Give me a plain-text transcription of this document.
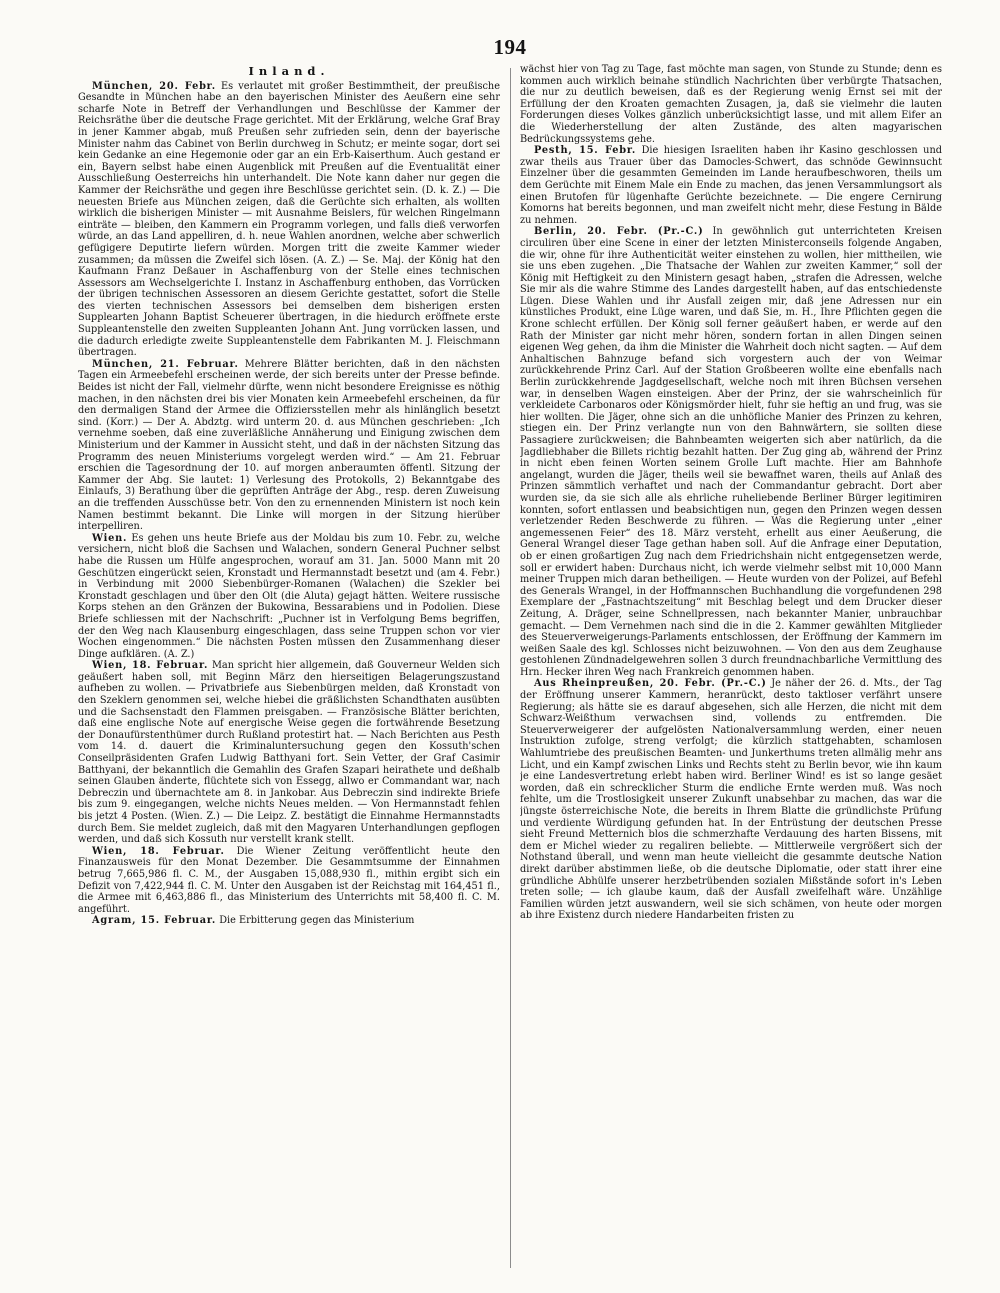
194
Inland.

München, 20. Febr. Es verlautet mit großer Bestimmtheit, der preußische Gesandte in München habe an den bayerischen Minister des Aeußern eine sehr scharfe Note in Betreff der Verhandlungen und Beschlüsse der Kammer der Reichsräthe über die deutsche Frage gerichtet. Mit der Erklärung, welche Graf Bray in jener Kammer abgab, muß Preußen sehr zufrieden sein, denn der bayerische Minister nahm das Cabinet von Berlin durchweg in Schutz; er meinte sogar, dort sei kein Gedanke an eine Hegemonie oder gar an ein Erb-Kaiserthum. Auch gestand er ein, Bayern selbst habe einen Augenblick mit Preußen auf die Eventualität einer Ausschließung Oesterreichs hin unterhandelt. Die Note kann daher nur gegen die Kammer der Reichsräthe und gegen ihre Beschlüsse gerichtet sein. (D. k. Z.) — Die neuesten Briefe aus München zeigen, daß die Gerüchte sich erhalten, als wollten wirklich die bisherigen Minister — mit Ausnahme Beislers, für welchen Ringelmann einträte — bleiben, den Kammern ein Programm vorlegen, und falls dieß verworfen würde, an das Land appelliren, d. h. neue Wahlen anordnen, welche aber schwerlich gefügigere Deputirte liefern würden. Morgen tritt die zweite Kammer wieder zusammen; da müssen die Zweifel sich lösen. (A. Z.) — Se. Maj. der König hat den Kaufmann Franz Deßauer in Aschaffenburg von der Stelle eines technischen Assessors am Wechselgerichte I. Instanz in Aschaffenburg enthoben, das Vorrücken der übrigen technischen Assessoren an diesem Gerichte gestattet, sofort die Stelle des vierten technischen Assessors bei demselben dem bisherigen ersten Supplearten Johann Baptist Scheuerer übertragen, in die hiedurch eröffnete erste Suppleantenstelle den zweiten Suppleanten Johann Ant. Jung vorrücken lassen, und die dadurch erledigte zweite Suppleantenstelle dem Fabrikanten M. J. Fleischmann übertragen.

München, 21. Februar. Mehrere Blätter berichten, daß in den nächsten Tagen ein Armeebefehl erscheinen werde, der sich bereits unter der Presse befinde. Beides ist nicht der Fall, vielmehr dürfte, wenn nicht besondere Ereignisse es nöthig machen, in den nächsten drei bis vier Monaten kein Armeebefehl erscheinen, da für den dermaligen Stand der Armee die Offiziersstellen mehr als hinlänglich besetzt sind. (Korr.) — Der A. Abdztg. wird unterm 20. d. aus München geschrieben: „Ich vernehme soeben, daß eine zuverläßliche Annäherung und Einigung zwischen dem Ministerium und der Kammer in Aussicht steht, und daß in der nächsten Sitzung das Programm des neuen Ministeriums vorgelegt werden wird.“ — Am 21. Februar erschien die Tagesordnung der 10. auf morgen anberaumten öffentl. Sitzung der Kammer der Abg. Sie lautet: 1) Verlesung des Protokolls, 2) Bekanntgabe des Einlaufs, 3) Berathung über die geprüften Anträge der Abg., resp. deren Zuweisung an die treffenden Ausschüsse betr. Von den zu ernennenden Ministern ist noch kein Namen bestimmt bekannt. Die Linke will morgen in der Sitzung hierüber interpelliren.

Wien. Es gehen uns heute Briefe aus der Moldau bis zum 10. Febr. zu, welche versichern, nicht bloß die Sachsen und Walachen, sondern General Puchner selbst habe die Russen um Hülfe angesprochen, worauf am 31. Jan. 5000 Mann mit 20 Geschützen eingerückt seien, Kronstadt und Hermannstadt besetzt und (am 4. Febr.) in Verbindung mit 2000 Siebenbürger-Romanen (Walachen) die Szekler bei Kronstadt geschlagen und über den Olt (die Aluta) gejagt hätten. Weitere russische Korps stehen an den Gränzen der Bukowina, Bessarabiens und in Podolien. Diese Briefe schliessen mit der Nachschrift: „Puchner ist in Verfolgung Bems begriffen, der den Weg nach Klausenburg eingeschlagen, dass seine Truppen schon vor vier Wochen eingenommen.“ Die nächsten Posten müssen den Zusammenhang dieser Dinge aufklären. (A. Z.)

Wien, 18. Februar. Man spricht hier allgemein, daß Gouverneur Welden sich geäußert haben soll, mit Beginn März den hierseitigen Belagerungszustand aufheben zu wollen. — Privatbriefe aus Siebenbürgen melden, daß Kronstadt von den Szeklern genommen sei, welche hiebei die gräßlichsten Schandthaten ausübten und die Sachsenstadt den Flammen preisgaben. — Französische Blätter berichten, daß eine englische Note auf energische Weise gegen die fortwährende Besetzung der Donaufürstenthümer durch Rußland protestirt hat. — Nach Berichten aus Pesth vom 14. d. dauert die Kriminaluntersuchung gegen den Kossuth'schen Conseilpräsidenten Grafen Ludwig Batthyani fort. Sein Vetter, der Graf Casimir Batthyani, der bekanntlich die Gemahlin des Grafen Szapari heirathete und deßhalb seinen Glauben änderte, flüchtete sich von Essegg, allwo er Commandant war, nach Debreczin und übernachtete am 8. in Jankobar. Aus Debreczin sind indirekte Briefe bis zum 9. eingegangen, welche nichts Neues melden. — Von Hermannstadt fehlen bis jetzt 4 Posten. (Wien. Z.) — Die Leipz. Z. bestätigt die Einnahme Hermannstadts durch Bem. Sie meldet zugleich, daß mit den Magyaren Unterhandlungen gepflogen werden, und daß sich Kossuth nur verstellt krank stellt.

Wien, 18. Februar. Die Wiener Zeitung veröffentlicht heute den Finanzausweis für den Monat Dezember. Die Gesammtsumme der Einnahmen betrug 7,665,986 fl. C. M., der Ausgaben 15,088,930 fl., mithin ergibt sich ein Defizit von 7,422,944 fl. C. M. Unter den Ausgaben ist der Reichstag mit 164,451 fl., die Armee mit 6,463,886 fl., das Ministerium des Unterrichts mit 58,400 fl. C. M. angeführt.

Agram, 15. Februar. Die Erbitterung gegen das Ministerium

wächst hier von Tag zu Tage, fast möchte man sagen, von Stunde zu Stunde; denn es kommen auch wirklich beinahe stündlich Nachrichten über verbürgte Thatsachen, die nur zu deutlich beweisen, daß es der Regierung wenig Ernst sei mit der Erfüllung der den Kroaten gemachten Zusagen, ja, daß sie vielmehr die lauten Forderungen dieses Volkes gänzlich unberücksichtigt lasse, und mit allem Eifer an die Wiederherstellung der alten Zustände, des alten magyarischen Bedrückungssystems gehe.

Pesth, 15. Febr. Die hiesigen Israeliten haben ihr Kasino geschlossen und zwar theils aus Trauer über das Damocles-Schwert, das schnöde Gewinnsucht Einzelner über die gesammten Gemeinden im Lande heraufbeschworen, theils um dem Gerüchte mit Einem Male ein Ende zu machen, das jenen Versammlungsort als einen Brutofen für lügenhafte Gerüchte bezeichnete. — Die engere Cernirung Komorns hat bereits begonnen, und man zweifelt nicht mehr, diese Festung in Bälde zu nehmen.

Berlin, 20. Febr. (Pr.-C.) In gewöhnlich gut unterrichteten Kreisen circuliren über eine Scene in einer der letzten Ministerconseils folgende Angaben, die wir, ohne für ihre Authenticität weiter einstehen zu wollen, hier mittheilen, wie sie uns eben zugehen. „Die Thatsache der Wahlen zur zweiten Kammer,“ soll der König mit Heftigkeit zu den Ministern gesagt haben, „strafen die Adressen, welche Sie mir als die wahre Stimme des Landes dargestellt haben, auf das entschiedenste Lügen. Diese Wahlen und ihr Ausfall zeigen mir, daß jene Adressen nur ein künstliches Produkt, eine Lüge waren, und daß Sie, m. H., Ihre Pflichten gegen die Krone schlecht erfüllen. Der König soll ferner geäußert haben, er werde auf den Rath der Minister gar nicht mehr hören, sondern fortan in allen Dingen seinen eigenen Weg gehen, da ihm die Minister die Wahrheit doch nicht sagten. — Auf dem Anhaltischen Bahnzuge befand sich vorgestern auch der von Weimar zurückkehrende Prinz Carl. Auf der Station Großbeeren wollte eine ebenfalls nach Berlin zurückkehrende Jagdgesellschaft, welche noch mit ihren Büchsen versehen war, in denselben Wagen einsteigen. Aber der Prinz, der sie wahrscheinlich für verkleidete Carbonaros oder Königsmörder hielt, fuhr sie heftig an und frug, was sie hier wollten. Die Jäger, ohne sich an die unhöfliche Manier des Prinzen zu kehren, stiegen ein. Der Prinz verlangte nun von den Bahnwärtern, sie sollten diese Passagiere zurückweisen; die Bahnbeamten weigerten sich aber natürlich, da die Jagdliebhaber die Billets richtig bezahlt hatten. Der Zug ging ab, während der Prinz in nicht eben feinen Worten seinem Grolle Luft machte. Hier am Bahnhofe angelangt, wurden die Jäger, theils weil sie bewaffnet waren, theils auf Anlaß des Prinzen sämmtlich verhaftet und nach der Commandantur gebracht. Dort aber wurden sie, da sie sich alle als ehrliche ruheliebende Berliner Bürger legitimiren konnten, sofort entlassen und beabsichtigen nun, gegen den Prinzen wegen dessen verletzender Reden Beschwerde zu führen. — Was die Regierung unter „einer angemessenen Feier“ des 18. März versteht, erhellt aus einer Aeußerung, die General Wrangel dieser Tage gethan haben soll. Auf die Anfrage einer Deputation, ob er einen großartigen Zug nach dem Friedrichshain nicht entgegensetzen werde, soll er erwidert haben: Durchaus nicht, ich werde vielmehr selbst mit 10,000 Mann meiner Truppen mich daran betheiligen. — Heute wurden von der Polizei, auf Befehl des Generals Wrangel, in der Hoffmannschen Buchhandlung die vorgefundenen 298 Exemplare der „Fastnachtszeitung“ mit Beschlag belegt und dem Drucker dieser Zeitung, A. Dräger, seine Schnellpressen, nach bekannter Manier, unbrauchbar gemacht. — Dem Vernehmen nach sind die in die 2. Kammer gewählten Mitglieder des Steuerverweigerungs-Parlaments entschlossen, der Eröffnung der Kammern im weißen Saale des kgl. Schlosses nicht beizuwohnen. — Von den aus dem Zeughause gestohlenen Zündnadelgewehren sollen 3 durch freundnachbarliche Vermittlung des Hrn. Hecker ihren Weg nach Frankreich genommen haben.

Aus Rheinpreußen, 20. Febr. (Pr.-C.) Je näher der 26. d. Mts., der Tag der Eröffnung unserer Kammern, heranrückt, desto taktloser verfährt unsere Regierung; als hätte sie es darauf abgesehen, sich alle Herzen, die nicht mit dem Schwarz-Weißthum verwachsen sind, vollends zu entfremden. Die Steuerverweigerer der aufgelösten Nationalversammlung werden, einer neuen Instruktion zufolge, streng verfolgt; die kürzlich stattgehabten, schamlosen Wahlumtriebe des preußischen Beamten- und Junkerthums treten allmälig mehr ans Licht, und ein Kampf zwischen Links und Rechts steht zu Berlin bevor, wie ihn kaum je eine Landesvertretung erlebt haben wird. Berliner Wind! es ist so lange gesäet worden, daß ein schrecklicher Sturm die endliche Ernte werden muß. Was noch fehlte, um die Trostlosigkeit unserer Zukunft unabsehbar zu machen, das war die jüngste österreichische Note, die bereits in Ihrem Blatte die gründlichste Prüfung und verdiente Würdigung gefunden hat. In der Entrüstung der deutschen Presse sieht Freund Metternich blos die schmerzhafte Verdauung des harten Bissens, mit dem er Michel wieder zu regaliren beliebte. — Mittlerweile vergrößert sich der Nothstand überall, und wenn man heute vielleicht die gesammte deutsche Nation direkt darüber abstimmen ließe, ob die deutsche Diplomatie, oder statt ihrer eine gründliche Abhülfe unserer herzbetrübenden sozialen Mißstände sofort in's Leben treten solle; — ich glaube kaum, daß der Ausfall zweifelhaft wäre. Unzählige Familien würden jetzt auswandern, weil sie sich schämen, von heute oder morgen ab ihre Existenz durch niedere Handarbeiten fristen zu
